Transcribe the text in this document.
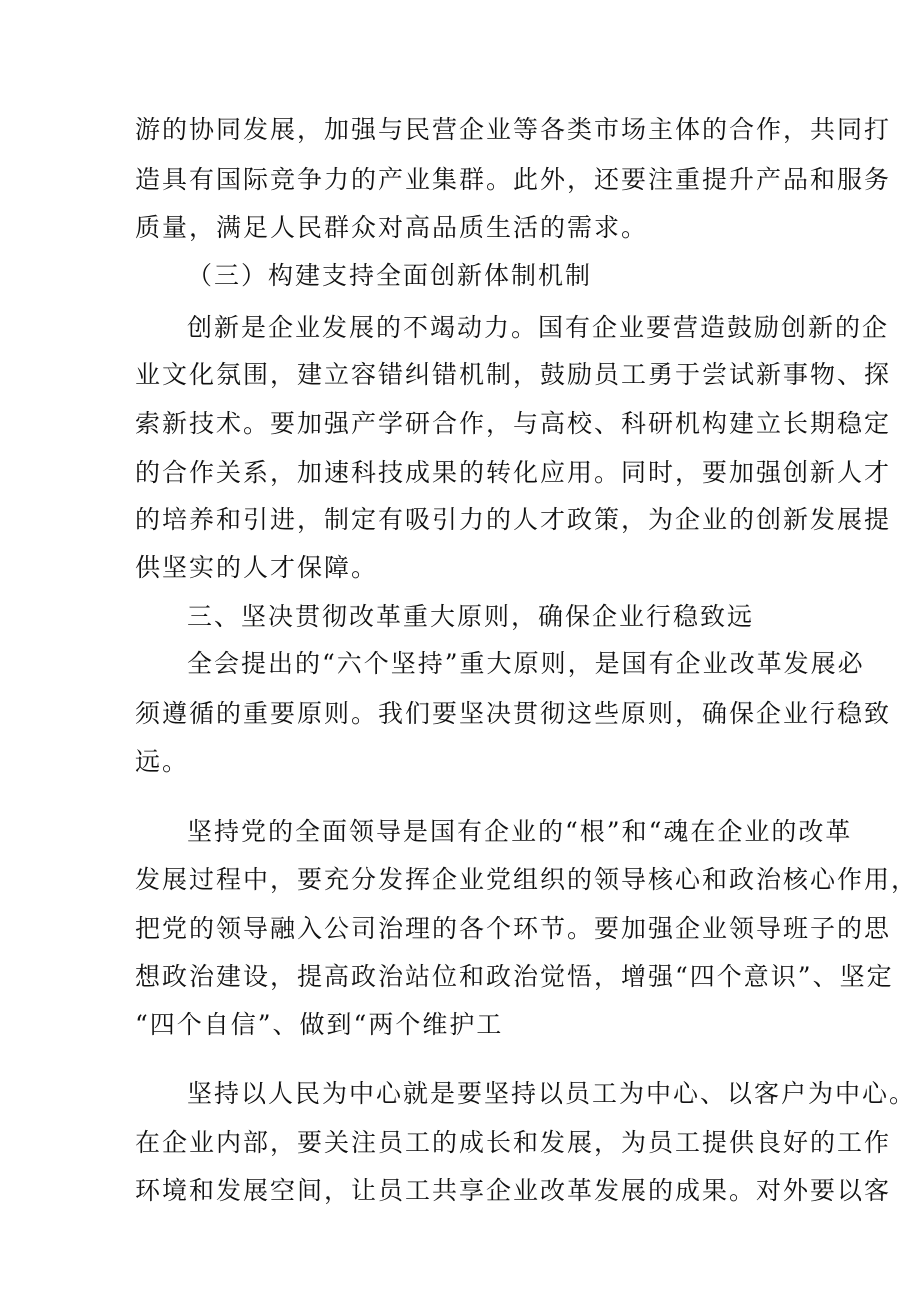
游的协同发展，加强与民营企业等各类市场主体的合作，共同打
造具有国际竞争力的产业集群。此外，还要注重提升产品和服务
质量，满足人民群众对高品质生活的需求。
（三）构建支持全面创新体制机制
创新是企业发展的不竭动力。国有企业要营造鼓励创新的企
业文化氛围，建立容错纠错机制，鼓励员工勇于尝试新事物、探
索新技术。要加强产学研合作，与高校、科研机构建立长期稳定
的合作关系，加速科技成果的转化应用。同时，要加强创新人才
的培养和引进，制定有吸引力的人才政策，为企业的创新发展提
供坚实的人才保障。
三、坚决贯彻改革重大原则，确保企业行稳致远
全会提出的“六个坚持”重大原则，是国有企业改革发展必
须遵循的重要原则。我们要坚决贯彻这些原则，确保企业行稳致
远。
坚持党的全面领导是国有企业的“根”和“魂在企业的改革
发展过程中，要充分发挥企业党组织的领导核心和政治核心作用，
把党的领导融入公司治理的各个环节。要加强企业领导班子的思
想政治建设，提高政治站位和政治觉悟，增强“四个意识”、坚定
“四个自信”、做到“两个维护工
坚持以人民为中心就是要坚持以员工为中心、以客户为中心。
在企业内部，要关注员工的成长和发展，为员工提供良好的工作
环境和发展空间，让员工共享企业改革发展的成果。对外要以客
